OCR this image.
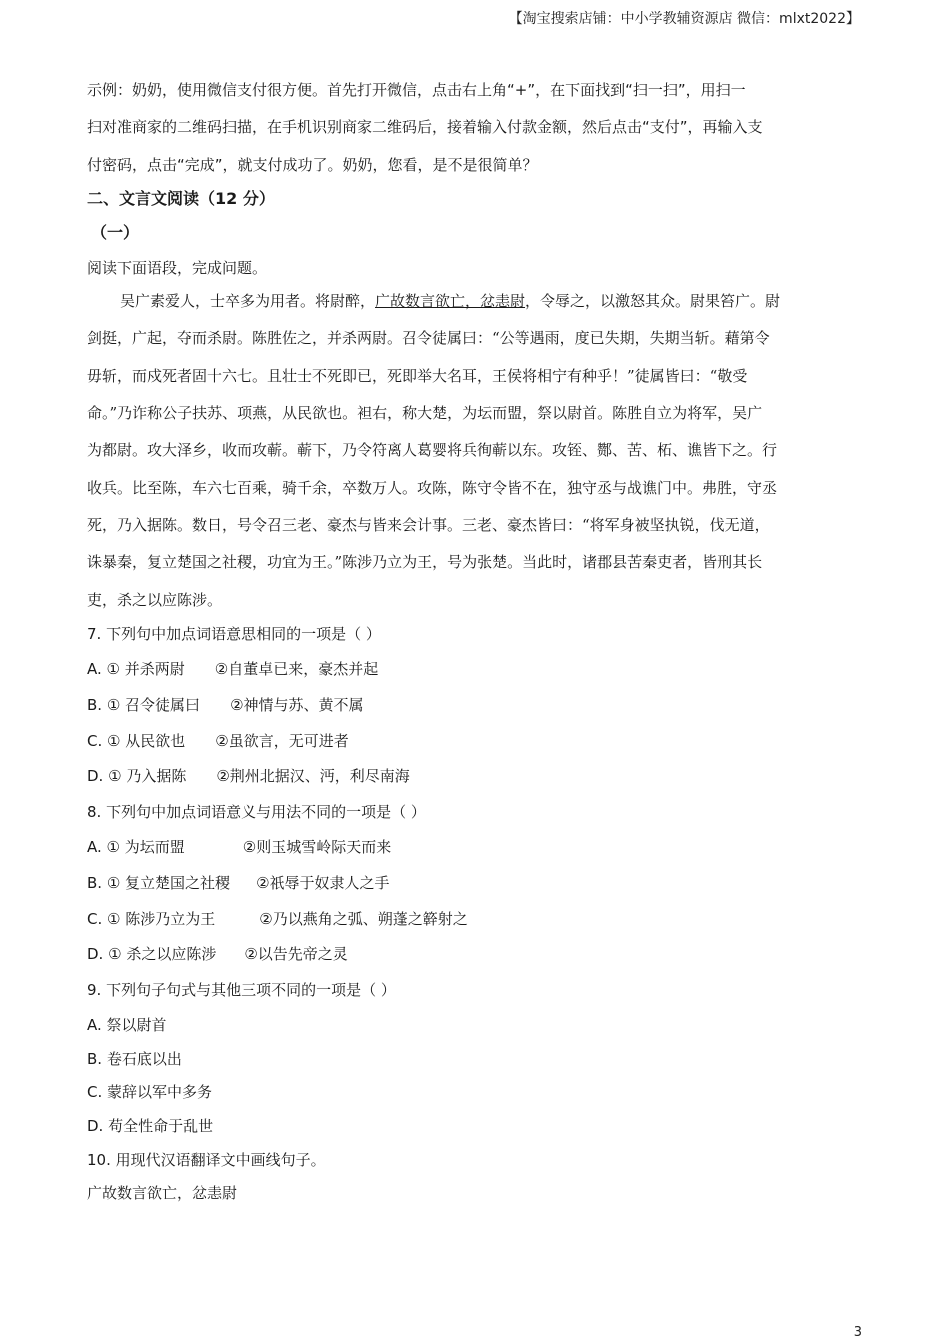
【淘宝搜索店铺：中小学教辅资源店 微信：mlxt2022】
示例：奶奶，使用微信支付很方便。首先打开微信，点击右上角“+”，在下面找到“扫一扫”，用扫一
扫对准商家的二维码扫描，在手机识别商家二维码后，接着输入付款金额，然后点击“支付”，再输入支
付密码，点击“完成”，就支付成功了。奶奶，您看，是不是很简单？
二、文言文阅读（12 分）
（一）
阅读下面语段，完成问题。
吴广素爱人，士卒多为用者。将尉醉，广故数言欲亡，忿恚尉，令辱之，以激怒其众。尉果笞广。尉
剑挺，广起，夺而杀尉。陈胜佐之，并杀两尉。召令徒属曰：“公等遇雨，度已失期，失期当斩。藉第令
毋斩，而戍死者固十六七。且壮士不死即已，死即举大名耳，王侯将相宁有种乎！”徒属皆曰：“敬受
命。”乃诈称公子扶苏、项燕，从民欲也。袒右，称大楚，为坛而盟，祭以尉首。陈胜自立为将军，吴广
为都尉。攻大泽乡，收而攻蕲。蕲下，乃令符离人葛婴将兵徇蕲以东。攻铚、酂、苦、柘、谯皆下之。行
收兵。比至陈，车六七百乘，骑千余，卒数万人。攻陈，陈守令皆不在，独守丞与战谯门中。弗胜，守丞
死，乃入据陈。数日，号令召三老、豪杰与皆来会计事。三老、豪杰皆曰：“将军身被坚执锐，伐无道，
诛暴秦，复立楚国之社稷，功宜为王。”陈涉乃立为王，号为张楚。当此时，诸郡县苦秦吏者，皆刑其长
吏，杀之以应陈涉。
7. 下列句中加点词语意思相同的一项是（ ）
A. ① 并杀两尉 ②自董卓已来，豪杰并起
B. ① 召令徒属曰 ②神情与苏、黄不属
C. ① 从民欲也 ②虽欲言，无可进者
D. ① 乃入据陈 ②荆州北据汉、沔，利尽南海
8. 下列句中加点词语意义与用法不同的一项是（ ）
A. ① 为坛而盟	②则玉城雪岭际天而来
B. ① 复立楚国之社稷 ②祇辱于奴隶人之手
C. ① 陈涉乃立为王	②乃以燕角之弧、朔蓬之簳射之
D. ① 杀之以应陈涉 ②以告先帝之灵
9. 下列句子句式与其他三项不同的一项是（ ）
A. 祭以尉首
B. 卷石底以出
C. 蒙辞以军中多务
D. 苟全性命于乱世
10. 用现代汉语翻译文中画线句子。
广故数言欲亡，忿恚尉
3
